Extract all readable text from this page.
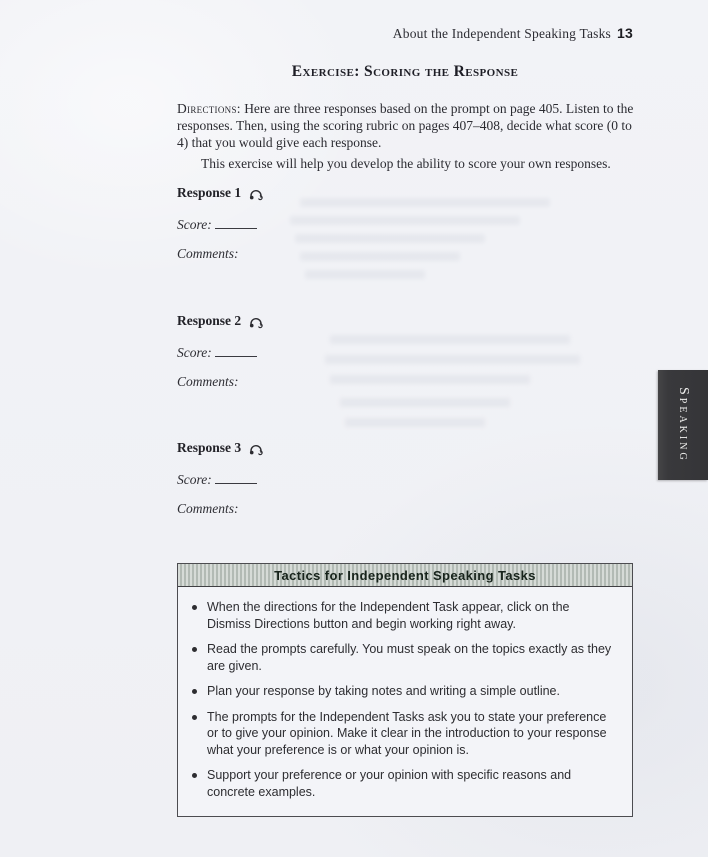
About the Independent Speaking Tasks 13
Exercise: Scoring the Response
Directions: Here are three responses based on the prompt on page 405. Listen to the responses. Then, using the scoring rubric on pages 407–408, decide what score (0 to 4) that you would give each response.
This exercise will help you develop the ability to score your own responses.
Response 1
Score:
Comments:
Response 2
Score:
Comments:
Response 3
Score:
Comments:
Tactics for Independent Speaking Tasks
When the directions for the Independent Task appear, click on the Dismiss Directions button and begin working right away.
Read the prompts carefully. You must speak on the topics exactly as they are given.
Plan your response by taking notes and writing a simple outline.
The prompts for the Independent Tasks ask you to state your preference or to give your opinion. Make it clear in the introduction to your response what your preference is or what your opinion is.
Support your preference or your opinion with specific reasons and concrete examples.
Speaking
